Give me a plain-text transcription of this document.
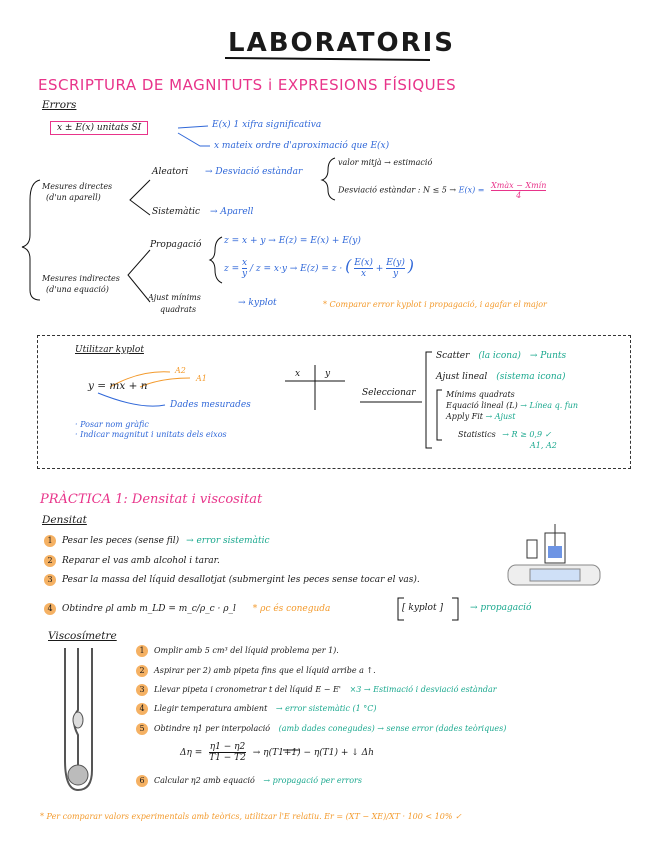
LABORATORIS
ESCRIPTURA DE MAGNITUTS i EXPRESIONS FÍSIQUES
Errors
x ± E(x) unitats SI	E(x) 1 xifra significativa
x mateix ordre d'aproximació que E(x)
Mesures directes
(d'un aparell)
Aleatori → Desviació estàndar
valor mitjà → estimació
Desviació estàndar : N ≤ 5 → E(x) = Xmàx − Xmín
4
Sistemàtic → Aparell
Mesures indirectes
(d'una equació)
Propagació	z = x + y → E(z) = E(x) + E(y)
$z = \frac{x}{y} / z = x\cdot y \to E(z) = z$ · ( $\frac{E(x)}{x} + \frac{E(y)}{y}$ )
Ajust mínims
quadrats
→ kyplot	* Comparar error kyplot i propagació, i agafar el major
Utilitzar kyplot
y = mx + n
A2
A1
Dades mesurades
· Posar nom gràfic
· Indicar magnitut i unitats dels eixos
x	y
Seleccionar
Scatter (la icona) → Punts
Ajust lineal (sistema icona)
Mínims quadrats
Equació lineal (L) → Línea q. fun
Apply Fit → Ajust
Statistics → R ≥ 0,9 ✓
A1, A2
PRÀCTICA 1: Densitat i viscositat
Densitat
1 Pesar les peces (sense fil) → error sistemàtic
2 Reparar el vas amb alcohol i tarar.
3 Pesar la massa del líquid desallotjat (submergint les peces sense tocar el vas).
4 Obtindre ρl amb m_LD = m_c/ρ_c · ρ_l * ρc és coneguda	[ kyplot ]	→ propagació
Viscosímetre
1 Omplir amb 5 cm³ del líquid problema per 1).
2 Aspirar per 2) amb pipeta fins que el líquid arribe a ↑.
3 Llevar pipeta i cronometrar t del líquid E − E' ×3 → Estimació i desviació estàndar
4 Llegir temperatura ambient → error sistemàtic (1 °C)
5 Obtindre η1 per interpolació (amb dades conegudes) → sense error (dades teòriques)
$\Delta\eta = \frac{\eta 1 - \eta 2}{T1 - T2} \to \eta(T1+1) - \eta(T1)$ + ↓ Δh
6 Calcular η2 amb equació → propagació per errors
* Per comparar valors experimentals amb teòrics, utilitzar l'E relatiu. Er = (XT − XE)/XT · 100 < 10% ✓
